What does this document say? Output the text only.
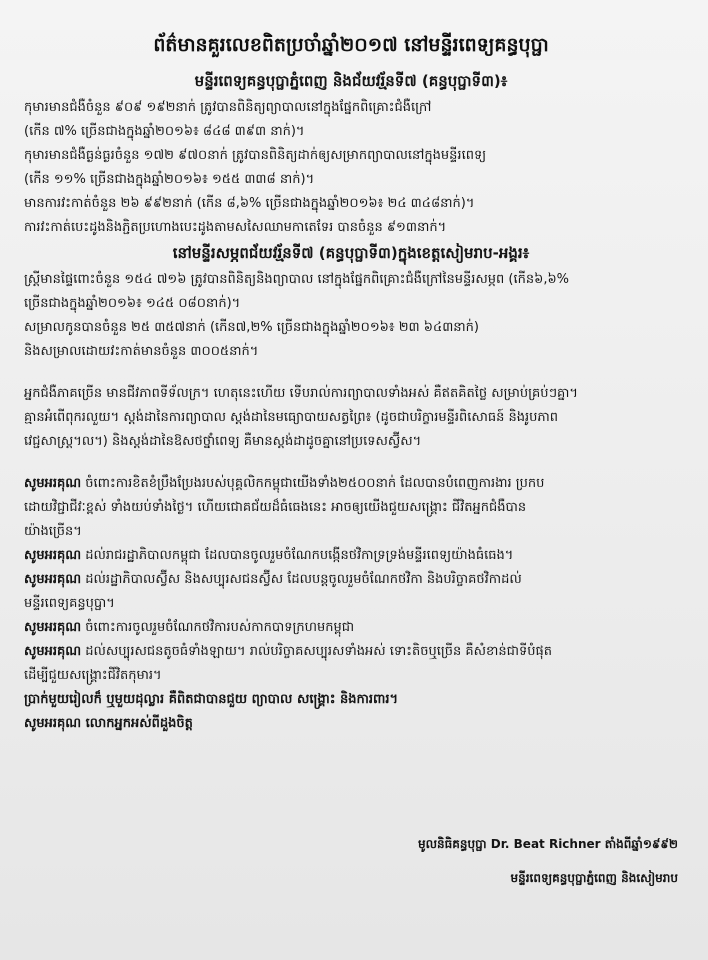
ព័ត៌មានគួរលេខពិតប្រចាំឆ្នាំ២០១៧ នៅមន្ទីរពេទ្យគន្ធបុប្ផា
មន្ទីរពេទ្យគន្ធបុប្ផាភ្នំពេញ និងជ័យវរ្ម័នទី៧ (គន្ធបុប្ផាទី៣)៖
កុមារមានជំងឺចំនួន ៩០៩ ១៩២នាក់ ត្រូវបានពិនិត្យព្យាបាលនៅក្នុងផ្នែកពិគ្រោះជំងឺក្រៅ
(កើន ៧% ច្រើនជាងក្នុងឆ្នាំ២០១៦៖ ៨៤៨ ៣៩៣ នាក់)។
កុមារមានជំងឺធ្ងន់ធ្ងរចំនួន ១៧២ ៩៧០នាក់ ត្រូវបានពិនិត្យដាក់ឲ្យសម្រាកព្យាបាលនៅក្នុងមន្ទីរពេទ្យ
(កើន ១១% ច្រើនជាងក្នុងឆ្នាំ២០១៦៖ ១៥៥ ៣៣៨ នាក់)។
មានការវះកាត់ចំនួន ២៦ ៩៩២នាក់ (កើន ៨,៦% ច្រើនជាងក្នុងឆ្នាំ២០១៦៖ ២៤ ៣៤៨នាក់)។
ការវះកាត់បេះដូងនិងភ្ជិតប្រហោងបេះដូងតាមសសៃឈាមកាតេទែរ បានចំនួន ៩១៣នាក់។
នៅមន្ទីរសម្ភពជ័យវរ្ម័នទី៧ (គន្ធបុប្ផាទី៣)ក្នុងខេត្តសៀមរាប-អង្គរ៖
ស្ត្រីមានផ្ទៃពោះចំនួន ១៥៤ ៧១៦ ត្រូវបានពិនិត្យនិងព្យាបាល នៅក្នុងផ្នែកពិគ្រោះជំងឺក្រៅនៃមន្ទីរសម្ភព (កើន៦,៦%
ច្រើនជាងក្នុងឆ្នាំ២០១៦៖ ១៤៥ ០៨០នាក់)។
សម្រាលកូនបានចំនួន ២៥ ៣៥៧នាក់ (កើន៧,២% ច្រើនជាងក្នុងឆ្នាំ២០១៦៖ ២៣ ៦៤៣នាក់)
និងសម្រាលដោយវះកាត់មានចំនួន ៣០០៥នាក់។
អ្នកជំងឺភាគច្រើន មានជីវភាពទីទ័លក្រ។ ហេតុនេះហើយ ទើបរាល់ការព្យាបាលទាំងអស់ គឺឥតគិតថ្លៃ សម្រាប់គ្រប់ៗគ្នា។
គ្មានអំពើពុករលួយ។ ស្តង់ដានៃការព្យាបាល ស្តង់ដានៃមធ្យោបាយសត្វព្រៃ៖ (ដូចជាបរិក្ខារមន្ទីរពិសោធន៍ និងរូបភាព
វេជ្ជសាស្ត្រ។ល។) និងស្តង់ដានៃឱសថថ្នាំពេទ្យ គឺមានស្តង់ដាដូចគ្នានៅប្រទេសស្វ៊ីស។
សូមអរគុណ ចំពោះការខិតខំប្រឹងប្រែងរបស់បុគ្គលិកកម្ពុជាយើងទាំង២៥០០នាក់ ដែលបានបំពេញការងារ ប្រកប
ដោយវិជ្ជាជីវៈខ្ពស់ ទាំងយប់ទាំងថ្ងៃ។ ហើយជោគជ័យដ៏ធំធេងនេះ អាចឲ្យយើងជួយសង្គ្រោះ ជីវិតអ្នកជំងឺបាន
យ៉ាងច្រើន។
សូមអរគុណ ដល់រាជរដ្ឋាភិបាលកម្ពុជា ដែលបានចូលរួមចំណែកបង្កើនថវិកាទ្រទ្រង់មន្ទីរពេទ្យយ៉ាងធំធេង។
សូមអរគុណ ដល់រដ្ឋាភិបាលស្វ៊ីស និងសប្បុរសជនស្វ៊ីស ដែលបន្តចូលរួមចំណែកថវិកា និងបរិច្ចាគថវិកាដល់
មន្ទីរពេទ្យគន្ធបុប្ផា។
សូមអរគុណ ចំពោះការចូលរួមចំណែកថវិការបស់កាកបាទក្រហមកម្ពុជា
សូមអរគុណ ដល់សប្បុរសជនតូចធំទាំងឡាយ។ រាល់បរិច្ចាគសប្បុរសទាំងអស់ ទោះតិចឬច្រើន គឺសំខាន់ជាទីបំផុត
ដើម្បីជួយសង្គ្រោះជីវិតកុមារ។
ប្រាក់មួយរៀលក៏ ឬមួយដុល្លារ គឺពិតជាបានជួយ ព្យាបាល សង្គ្រោះ និងការពារ។
សូមអរគុណ លោកអ្នកអស់ពីដួងចិត្ត
មូលនិធិគន្ធបុប្ផា Dr. Beat Richner តាំងពីឆ្នាំ១៩៩២
មន្ទីរពេទ្យគន្ធបុប្ផាភ្នំពេញ និងសៀមរាប
